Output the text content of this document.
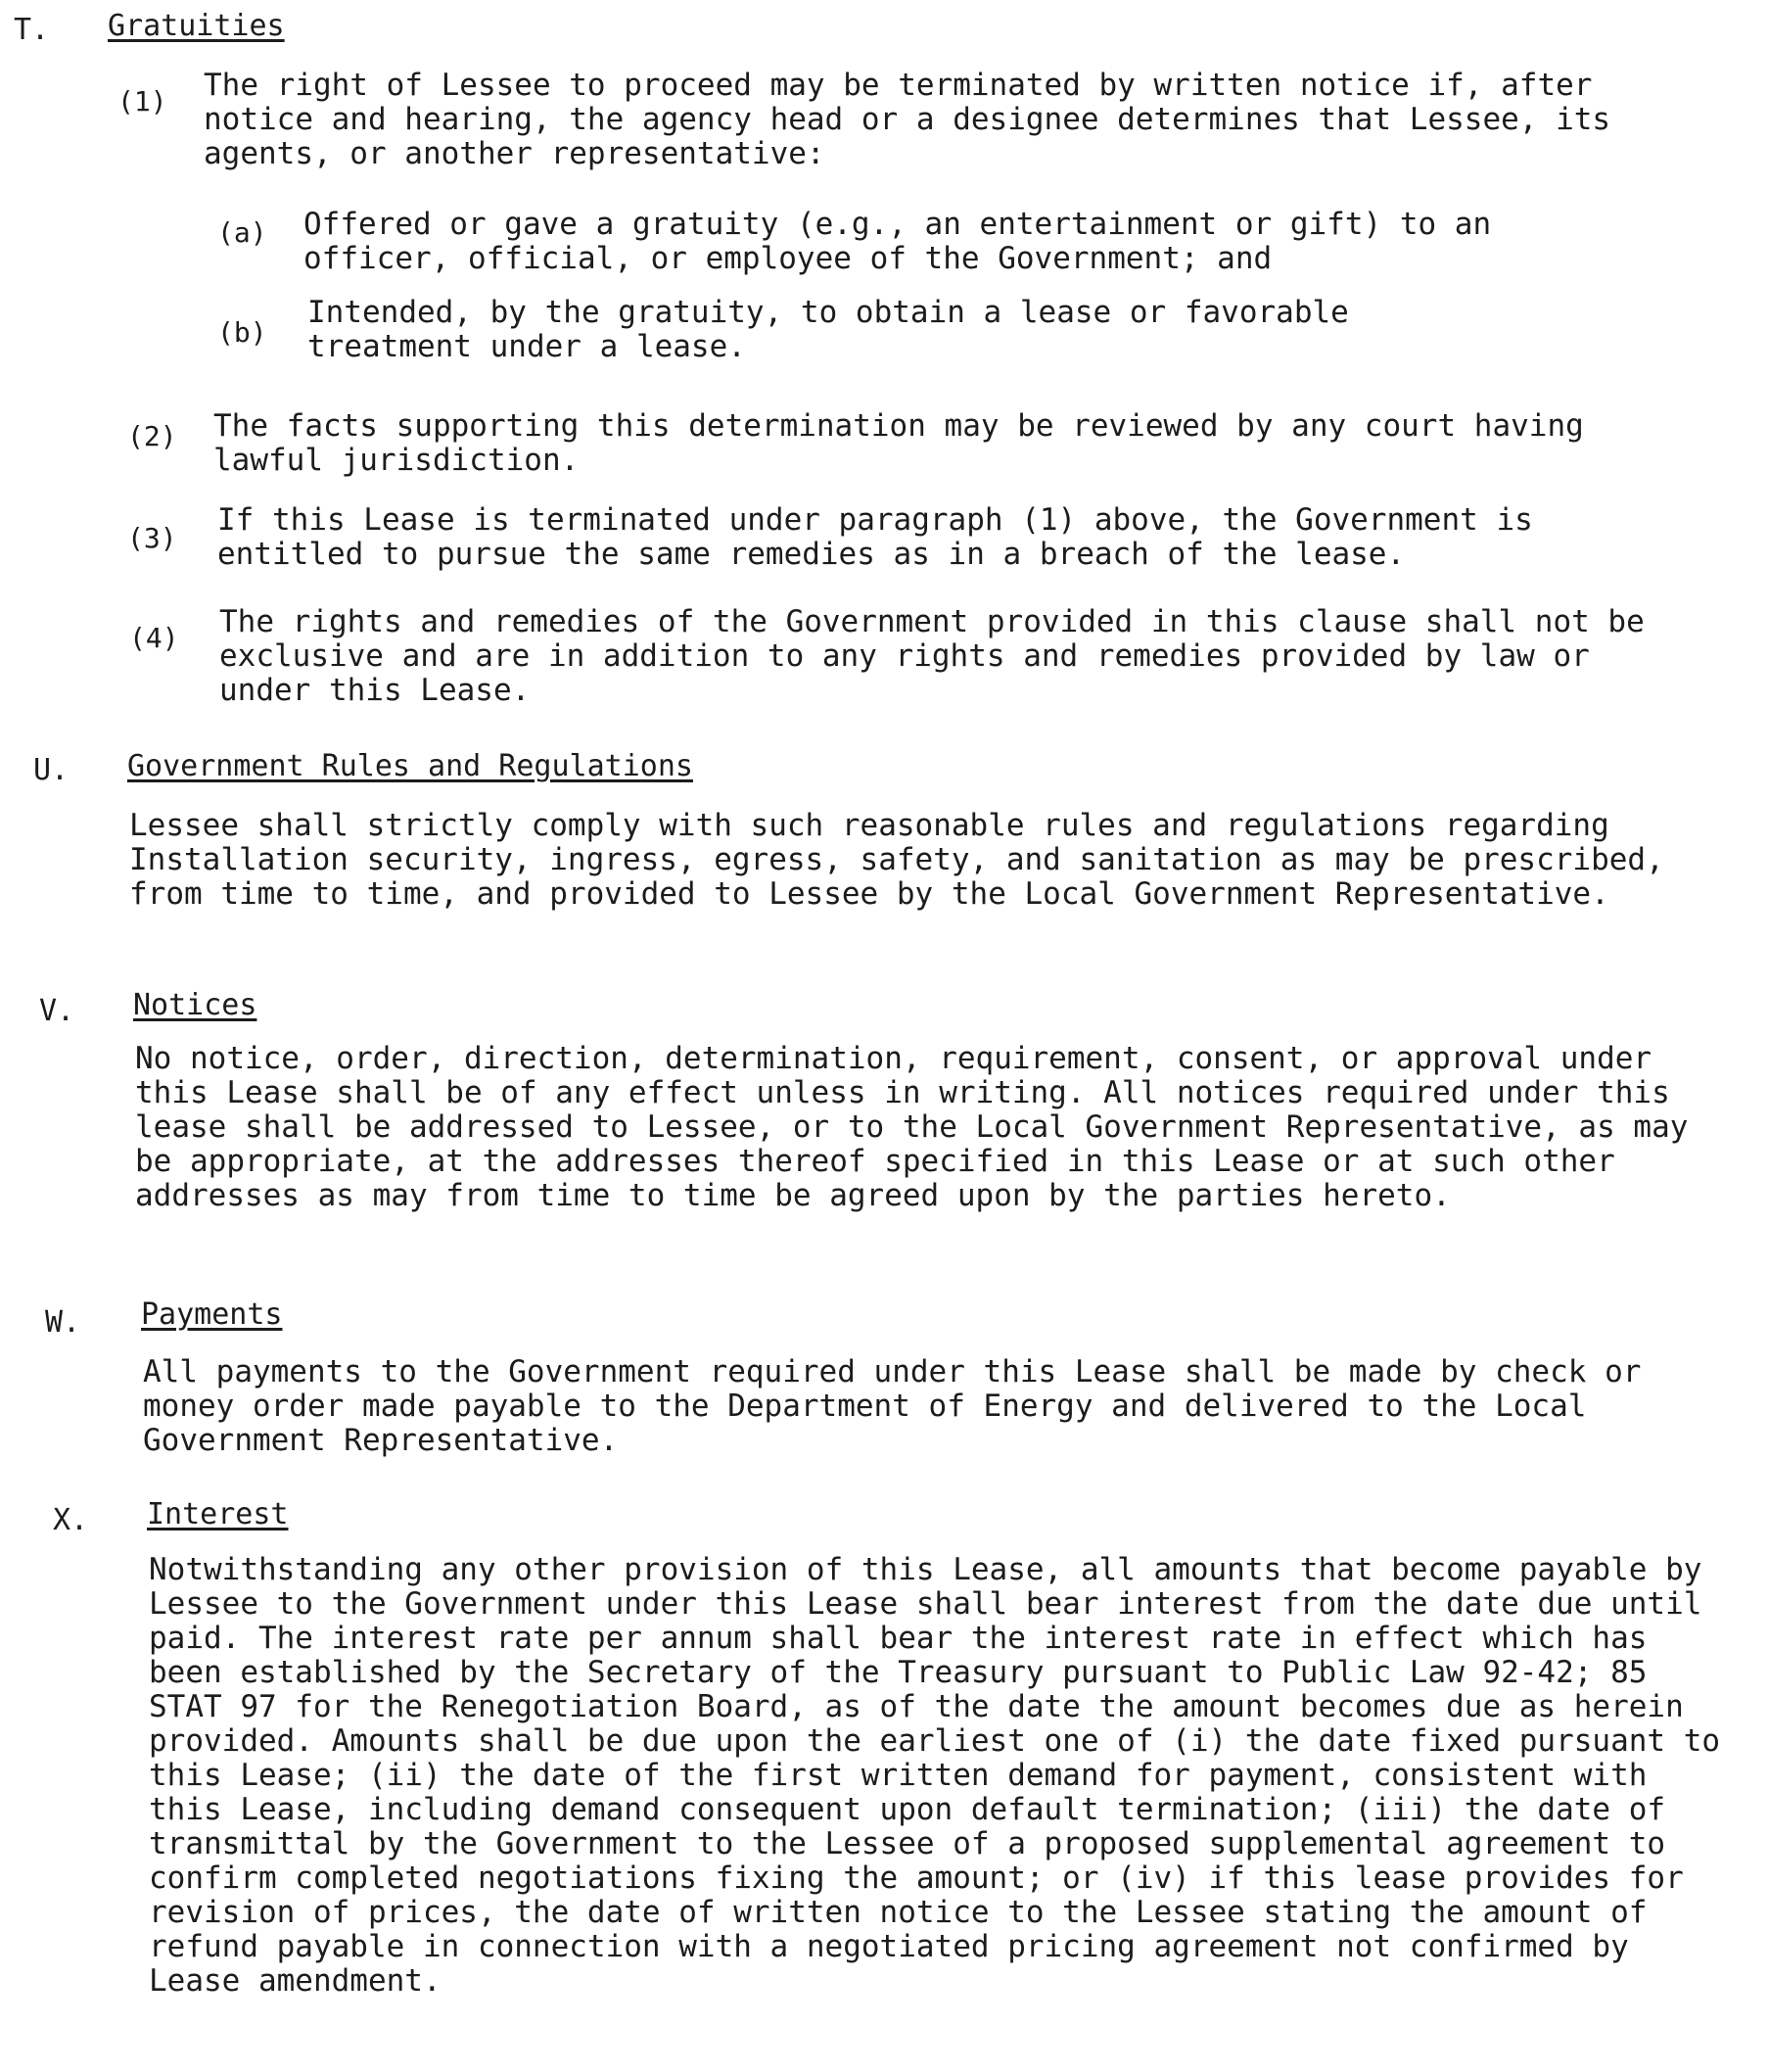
T. Gratuities
(1) The right of Lessee to proceed may be terminated by written notice if, after notice and hearing, the agency head or a designee determines that Lessee, its agents, or another representative:
(a) Offered or gave a gratuity (e.g., an entertainment or gift) to an officer, official, or employee of the Government; and
(b)
Intended, by the gratuity, to obtain a lease or favorable treatment under a lease.
(2) The facts supporting this determination may be reviewed by any court having lawful jurisdiction.
(3)
If this Lease is terminated under paragraph (1) above, the Government is entitled to pursue the same remedies as in a breach of the lease.
(4) The rights and remedies of the Government provided in this clause shall not be exclusive and are in addition to any rights and remedies provided by law or under this Lease.
U. Government Rules and Regulations
Lessee shall strictly comply with such reasonable rules and regulations regarding Installation security, ingress, egress, safety, and sanitation as may be prescribed, from time to time, and provided to Lessee by the Local Government Representative.
V. Notices
No notice, order, direction, determination, requirement, consent, or approval under this Lease shall be of any effect unless in writing. All notices required under this lease shall be addressed to Lessee, or to the Local Government Representative, as may be appropriate, at the addresses thereof specified in this Lease or at such other addresses as may from time to time be agreed upon by the parties hereto.
W. Payments
All payments to the Government required under this Lease shall be made by check or money order made payable to the Department of Energy and delivered to the Local Government Representative.
X. Interest
Notwithstanding any other provision of this Lease, all amounts that become payable by Lessee to the Government under this Lease shall bear interest from the date due until paid. The interest rate per annum shall bear the interest rate in effect which has been established by the Secretary of the Treasury pursuant to Public Law 92-42; 85 STAT 97 for the Renegotiation Board, as of the date the amount becomes due as herein provided. Amounts shall be due upon the earliest one of (i) the date fixed pursuant to this Lease; (ii) the date of the first written demand for payment, consistent with this Lease, including demand consequent upon default termination; (iii) the date of transmittal by the Government to the Lessee of a proposed supplemental agreement to confirm completed negotiations fixing the amount; or (iv) if this lease provides for revision of prices, the date of written notice to the Lessee stating the amount of refund payable in connection with a negotiated pricing agreement not confirmed by Lease amendment.
